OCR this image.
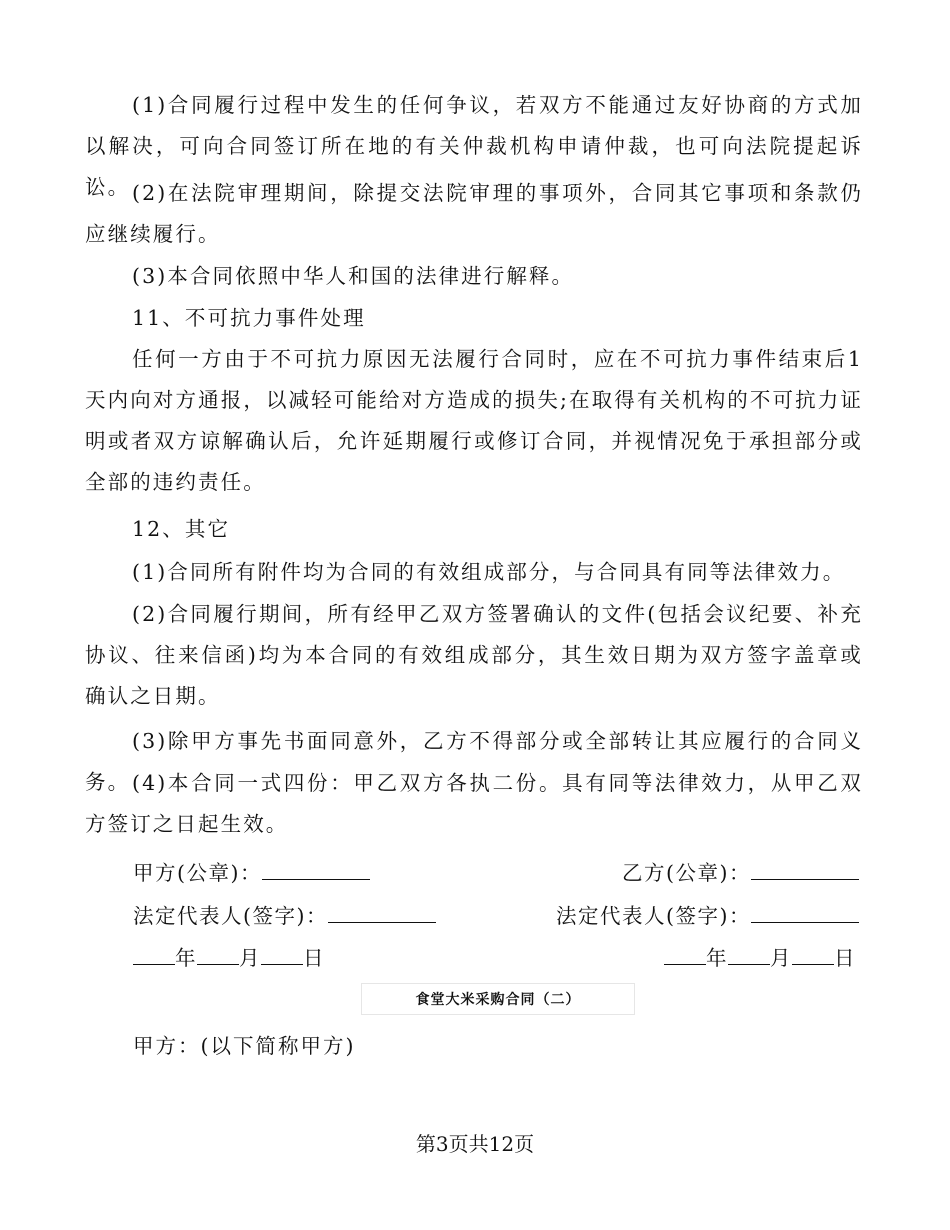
(1)合同履行过程中发生的任何争议，若双方不能通过友好协商的方式加以解决，可向合同签订所在地的有关仲裁机构申请仲裁，也可向法院提起诉讼。 (2)在法院审理期间，除提交法院审理的事项外，合同其它事项和条款仍应继续履行。

(3)本合同依照中华人和国的法律进行解释。

11、不可抗力事件处理

任何一方由于不可抗力原因无法履行合同时，应在不可抗力事件结束后1天内向对方通报，以减轻可能给对方造成的损失;在取得有关机构的不可抗力证明或者双方谅解确认后，允许延期履行或修订合同，并视情况免于承担部分或全部的违约责任。

12、其它

(1)合同所有附件均为合同的有效组成部分，与合同具有同等法律效力。

(2)合同履行期间，所有经甲乙双方签署确认的文件(包括会议纪要、补充协议、往来信函)均为本合同的有效组成部分，其生效日期为双方签字盖章或确认之日期。

(3)除甲方事先书面同意外，乙方不得部分或全部转让其应履行的合同义务。 (4)本合同一式四份：甲乙双方各执二份。具有同等法律效力，从甲乙双方签订之日起生效。

甲方(公章)：	乙方(公章)：
法定代表人(签字)：	法定代表人(签字)：
年 月 日	年 月 日
食堂大米采购合同（二）
甲方：(以下简称甲方)
第3页共12页
